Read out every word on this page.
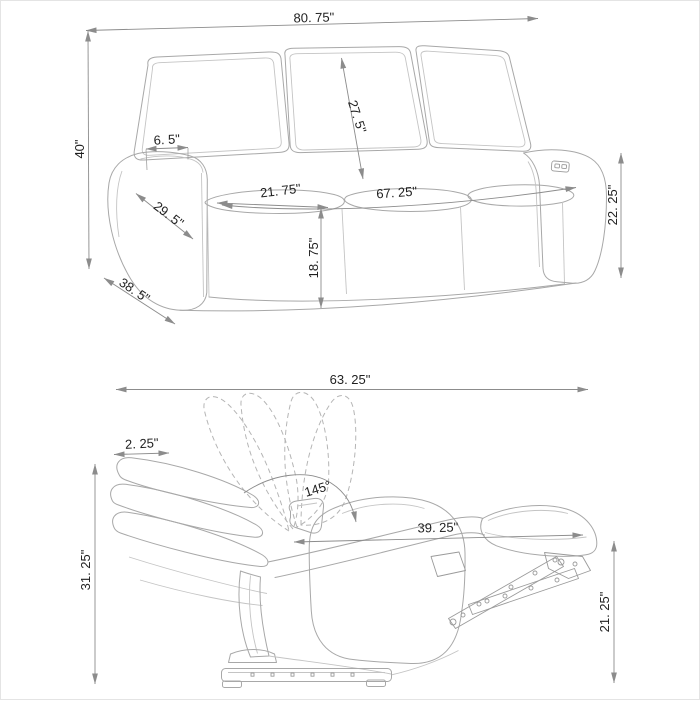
80. 75"
40"	6. 5"
27. 5"
21. 75"	67. 25"
29. 5"
38. 5"
18. 75"
22. 25"
63. 25"
2. 25"
145°
31. 25"
39. 25"
21. 25"
